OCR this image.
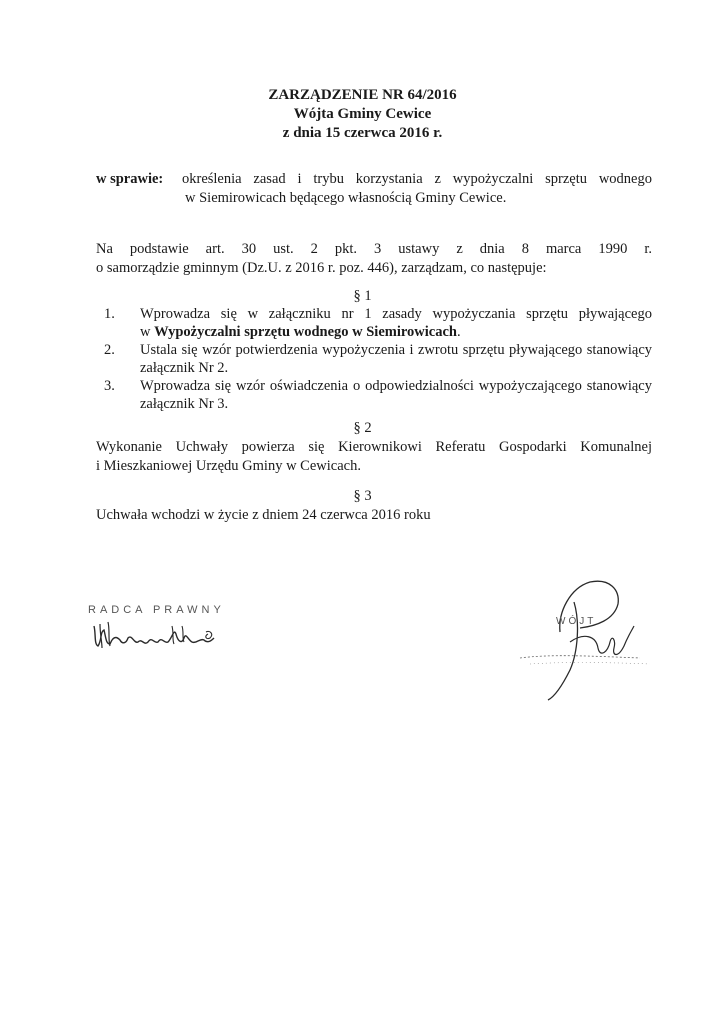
ZARZĄDZENIE NR 64/2016
Wójta Gminy Cewice
z dnia 15 czerwca 2016 r.
w sprawie:	określenia zasad i trybu korzystania z wypożyczalni sprzętu wodnego
w Siemirowicach będącego własnością Gminy Cewice.
Na podstawie art. 30 ust. 2 pkt. 3 ustawy z dnia 8 marca 1990 r.
o samorządzie gminnym (Dz.U. z 2016 r. poz. 446), zarządzam, co następuje:
§ 1
1.	Wprowadza się w załączniku nr 1 zasady wypożyczania sprzętu pływającego
w Wypożyczalni sprzętu wodnego w Siemirowicach.
2.	Ustala się wzór potwierdzenia wypożyczenia i zwrotu sprzętu pływającego stanowiący
załącznik Nr 2.
3.	Wprowadza się wzór oświadczenia o odpowiedzialności wypożyczającego stanowiący
załącznik Nr 3.
§ 2
Wykonanie Uchwały powierza się Kierownikowi Referatu Gospodarki Komunalnej
i Mieszkaniowej Urzędu Gminy w Cewicach.
§ 3
Uchwała wchodzi w życie z dniem 24 czerwca 2016 roku
RADCA PRAWNY
WÓJT
